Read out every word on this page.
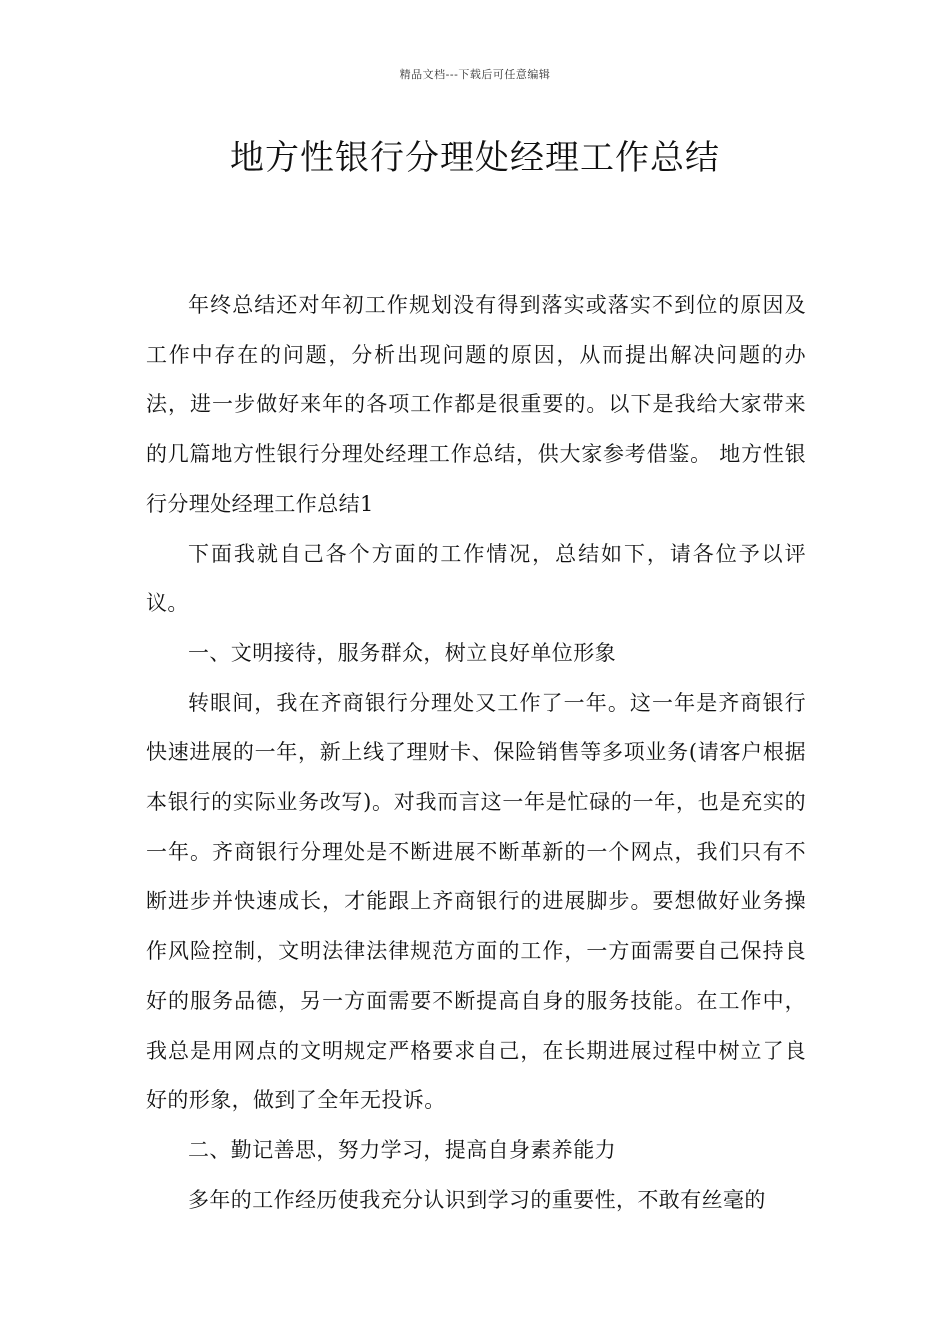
精品文档---下载后可任意编辑
地方性银行分理处经理工作总结

年终总结还对年初工作规划没有得到落实或落实不到位的原因及工作中存在的问题，分析出现问题的原因，从而提出解决问题的办法，进一步做好来年的各项工作都是很重要的。以下是我给大家带来的几篇地方性银行分理处经理工作总结，供大家参考借鉴。 地方性银行分理处经理工作总结1

下面我就自己各个方面的工作情况，总结如下，请各位予以评议。

一、文明接待，服务群众，树立良好单位形象

转眼间，我在齐商银行分理处又工作了一年。这一年是齐商银行快速进展的一年，新上线了理财卡、保险销售等多项业务(请客户根据本银行的实际业务改写)。对我而言这一年是忙碌的一年，也是充实的一年。齐商银行分理处是不断进展不断革新的一个网点，我们只有不断进步并快速成长，才能跟上齐商银行的进展脚步。要想做好业务操作风险控制，文明法律法律规范方面的工作，一方面需要自己保持良好的服务品德，另一方面需要不断提高自身的服务技能。在工作中，我总是用网点的文明规定严格要求自己，在长期进展过程中树立了良好的形象，做到了全年无投诉。

二、勤记善思，努力学习，提高自身素养能力

多年的工作经历使我充分认识到学习的重要性，不敢有丝毫的
